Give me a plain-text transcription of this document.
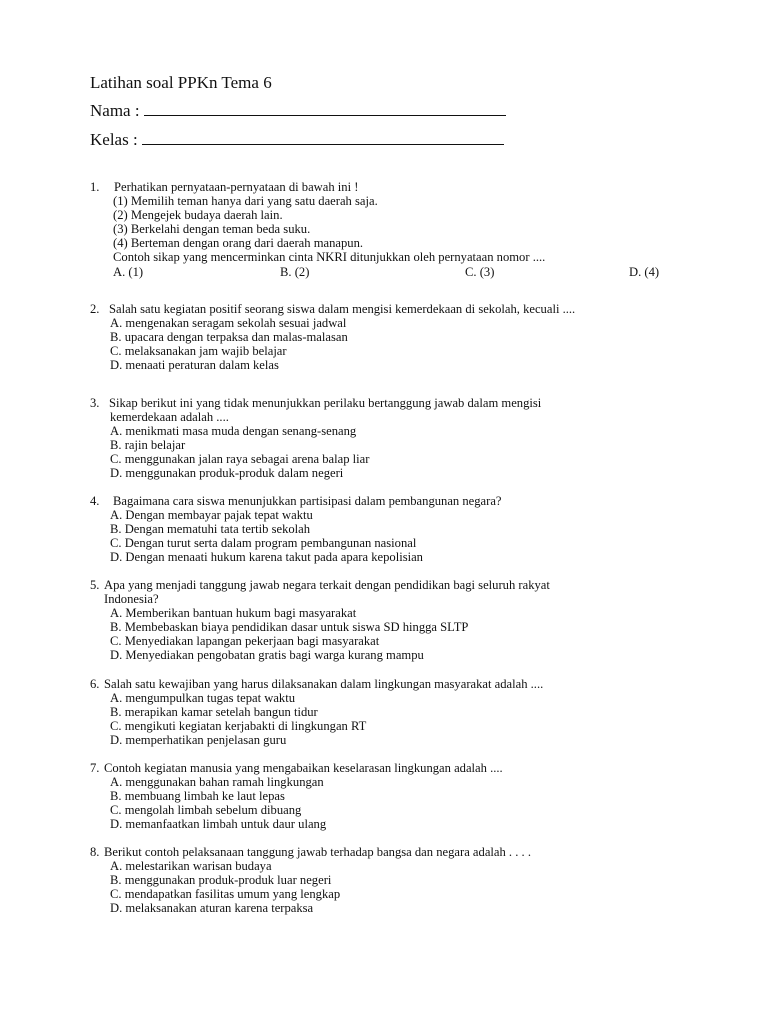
Latihan soal PPKn Tema 6
Nama :
Kelas :
1.	Perhatikan pernyataan-pernyataan di bawah ini !
(1) Memilih teman hanya dari yang satu daerah saja.
(2) Mengejek budaya daerah lain.
(3) Berkelahi dengan teman beda suku.
(4) Berteman dengan orang dari daerah manapun.
Contoh sikap yang mencerminkan cinta NKRI ditunjukkan oleh pernyataan nomor ....
A. (1)	B. (2)	C. (3)	D. (4)
2. Salah satu kegiatan positif seorang siswa dalam mengisi kemerdekaan di sekolah, kecuali ....
A. mengenakan seragam sekolah sesuai jadwal
B. upacara dengan terpaksa dan malas-malasan
C. melaksanakan jam wajib belajar
D. menaati peraturan dalam kelas
3. Sikap berikut ini yang tidak menunjukkan perilaku bertanggung jawab dalam mengisi
kemerdekaan adalah ....
A. menikmati masa muda dengan senang-senang
B. rajin belajar
C. menggunakan jalan raya sebagai arena balap liar
D. menggunakan produk-produk dalam negeri
4.	Bagaimana cara siswa menunjukkan partisipasi dalam pembangunan negara?
A. Dengan membayar pajak tepat waktu
B. Dengan mematuhi tata tertib sekolah
C. Dengan turut serta dalam program pembangunan nasional
D. Dengan menaati hukum karena takut pada apara kepolisian
5. Apa yang menjadi tanggung jawab negara terkait dengan pendidikan bagi seluruh rakyat
Indonesia?
A. Memberikan bantuan hukum bagi masyarakat
B. Membebaskan biaya pendidikan dasar untuk siswa SD hingga SLTP
C. Menyediakan lapangan pekerjaan bagi masyarakat
D. Menyediakan pengobatan gratis bagi warga kurang mampu
6. Salah satu kewajiban yang harus dilaksanakan dalam lingkungan masyarakat adalah ....
A. mengumpulkan tugas tepat waktu
B. merapikan kamar setelah bangun tidur
C. mengikuti kegiatan kerjabakti di lingkungan RT
D. memperhatikan penjelasan guru
7. Contoh kegiatan manusia yang mengabaikan keselarasan lingkungan adalah ....
A. menggunakan bahan ramah lingkungan
B. membuang limbah ke laut lepas
C. mengolah limbah sebelum dibuang
D. memanfaatkan limbah untuk daur ulang
8. Berikut contoh pelaksanaan tanggung jawab terhadap bangsa dan negara adalah . . . .
A. melestarikan warisan budaya
B. menggunakan produk-produk luar negeri
C. mendapatkan fasilitas umum yang lengkap
D. melaksanakan aturan karena terpaksa
